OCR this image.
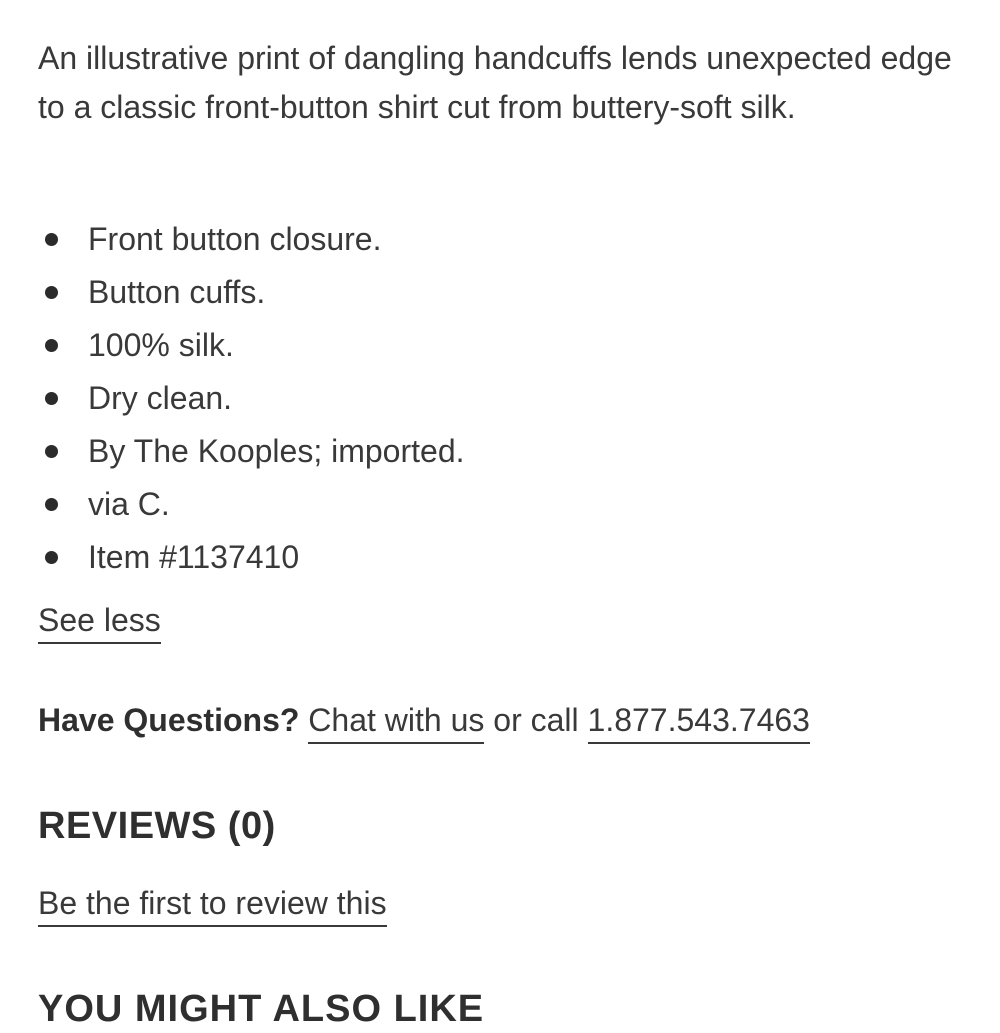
An illustrative print of dangling handcuffs lends unexpected edge to a classic front-button shirt cut from buttery-soft silk.

Front button closure.
Button cuffs.
100% silk.
Dry clean.
By The Kooples; imported.
via C.
Item #1137410
See less
Have Questions? Chat with us or call 1.877.543.7463
REVIEWS (0)
Be the first to review this
YOU MIGHT ALSO LIKE
